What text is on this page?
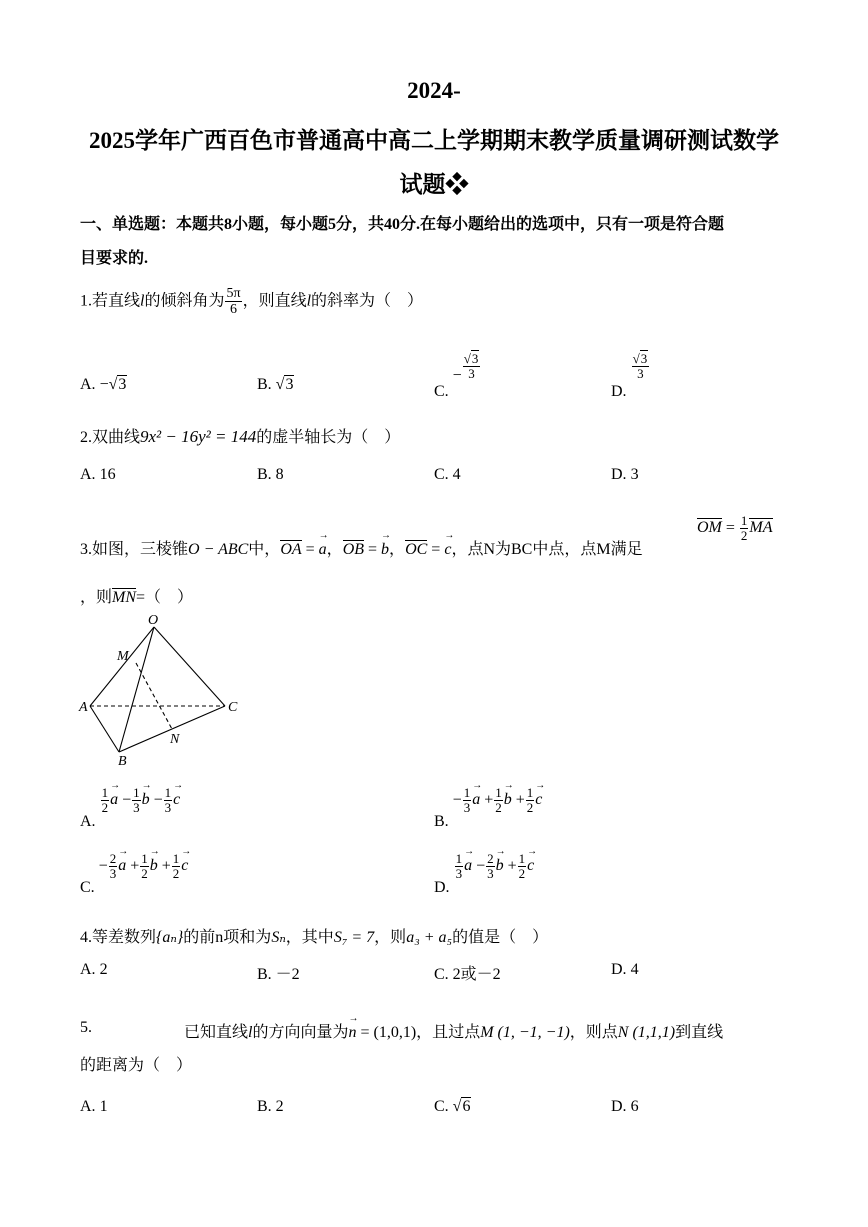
2024-
2025学年广西百色市普通高中高二上学期期末教学质量调研测试数学
试题❖
一、单选题：本题共8小题，每小题5分，共40分.在每小题给出的选项中，只有一项是符合题
目要求的.
1.若直线l的倾斜角为 $\frac{5\pi}{6}$ ，则直线l的斜率为（　）
A. −√3	B. √3	C. − $\frac{√3}{3}$
D.
$\frac{√3}{3}$
2.双曲线9x² − 16y² = 144的虚半轴长为（　）
A. 16	B. 8	C. 4	D. 3
3.如图，三棱锥O − ABC中，OA = → a，OB = → b，OC = → c，点N为BC中点，点M满足
OM = $\frac{1}{2}$ MA
，则MN=（　）
O
M
A	C
N
B
A.
$\frac{1}{2}$
→ $a - \frac{1}{3}$
→ $b - \frac{1}{3}$
→ c
B. − $\frac{1}{3}$
→ $a + \frac{1}{2}$
→ $b + \frac{1}{2}$
→ c
C. − $\frac{2}{3}$
→ $a + \frac{1}{2}$
→ $b + \frac{1}{2}$
→ c
D.
$\frac{1}{3}$
→ $a - \frac{2}{3}$
→ $b + \frac{1}{2}$
→ c
4.等差数列{aₙ}的前n项和为Sₙ，其中S₇ = 7，则a₃ + a₅的值是（　）
A. 2	B. －2	C. 2或－2	D. 4
5.	已知直线l的方向向量为→ n = (1,0,1)，且过点M (1, −1, −1)，则点N (1,1,1)到直线
的距离为（　）
A. 1	B. 2	C. √6	D. 6
